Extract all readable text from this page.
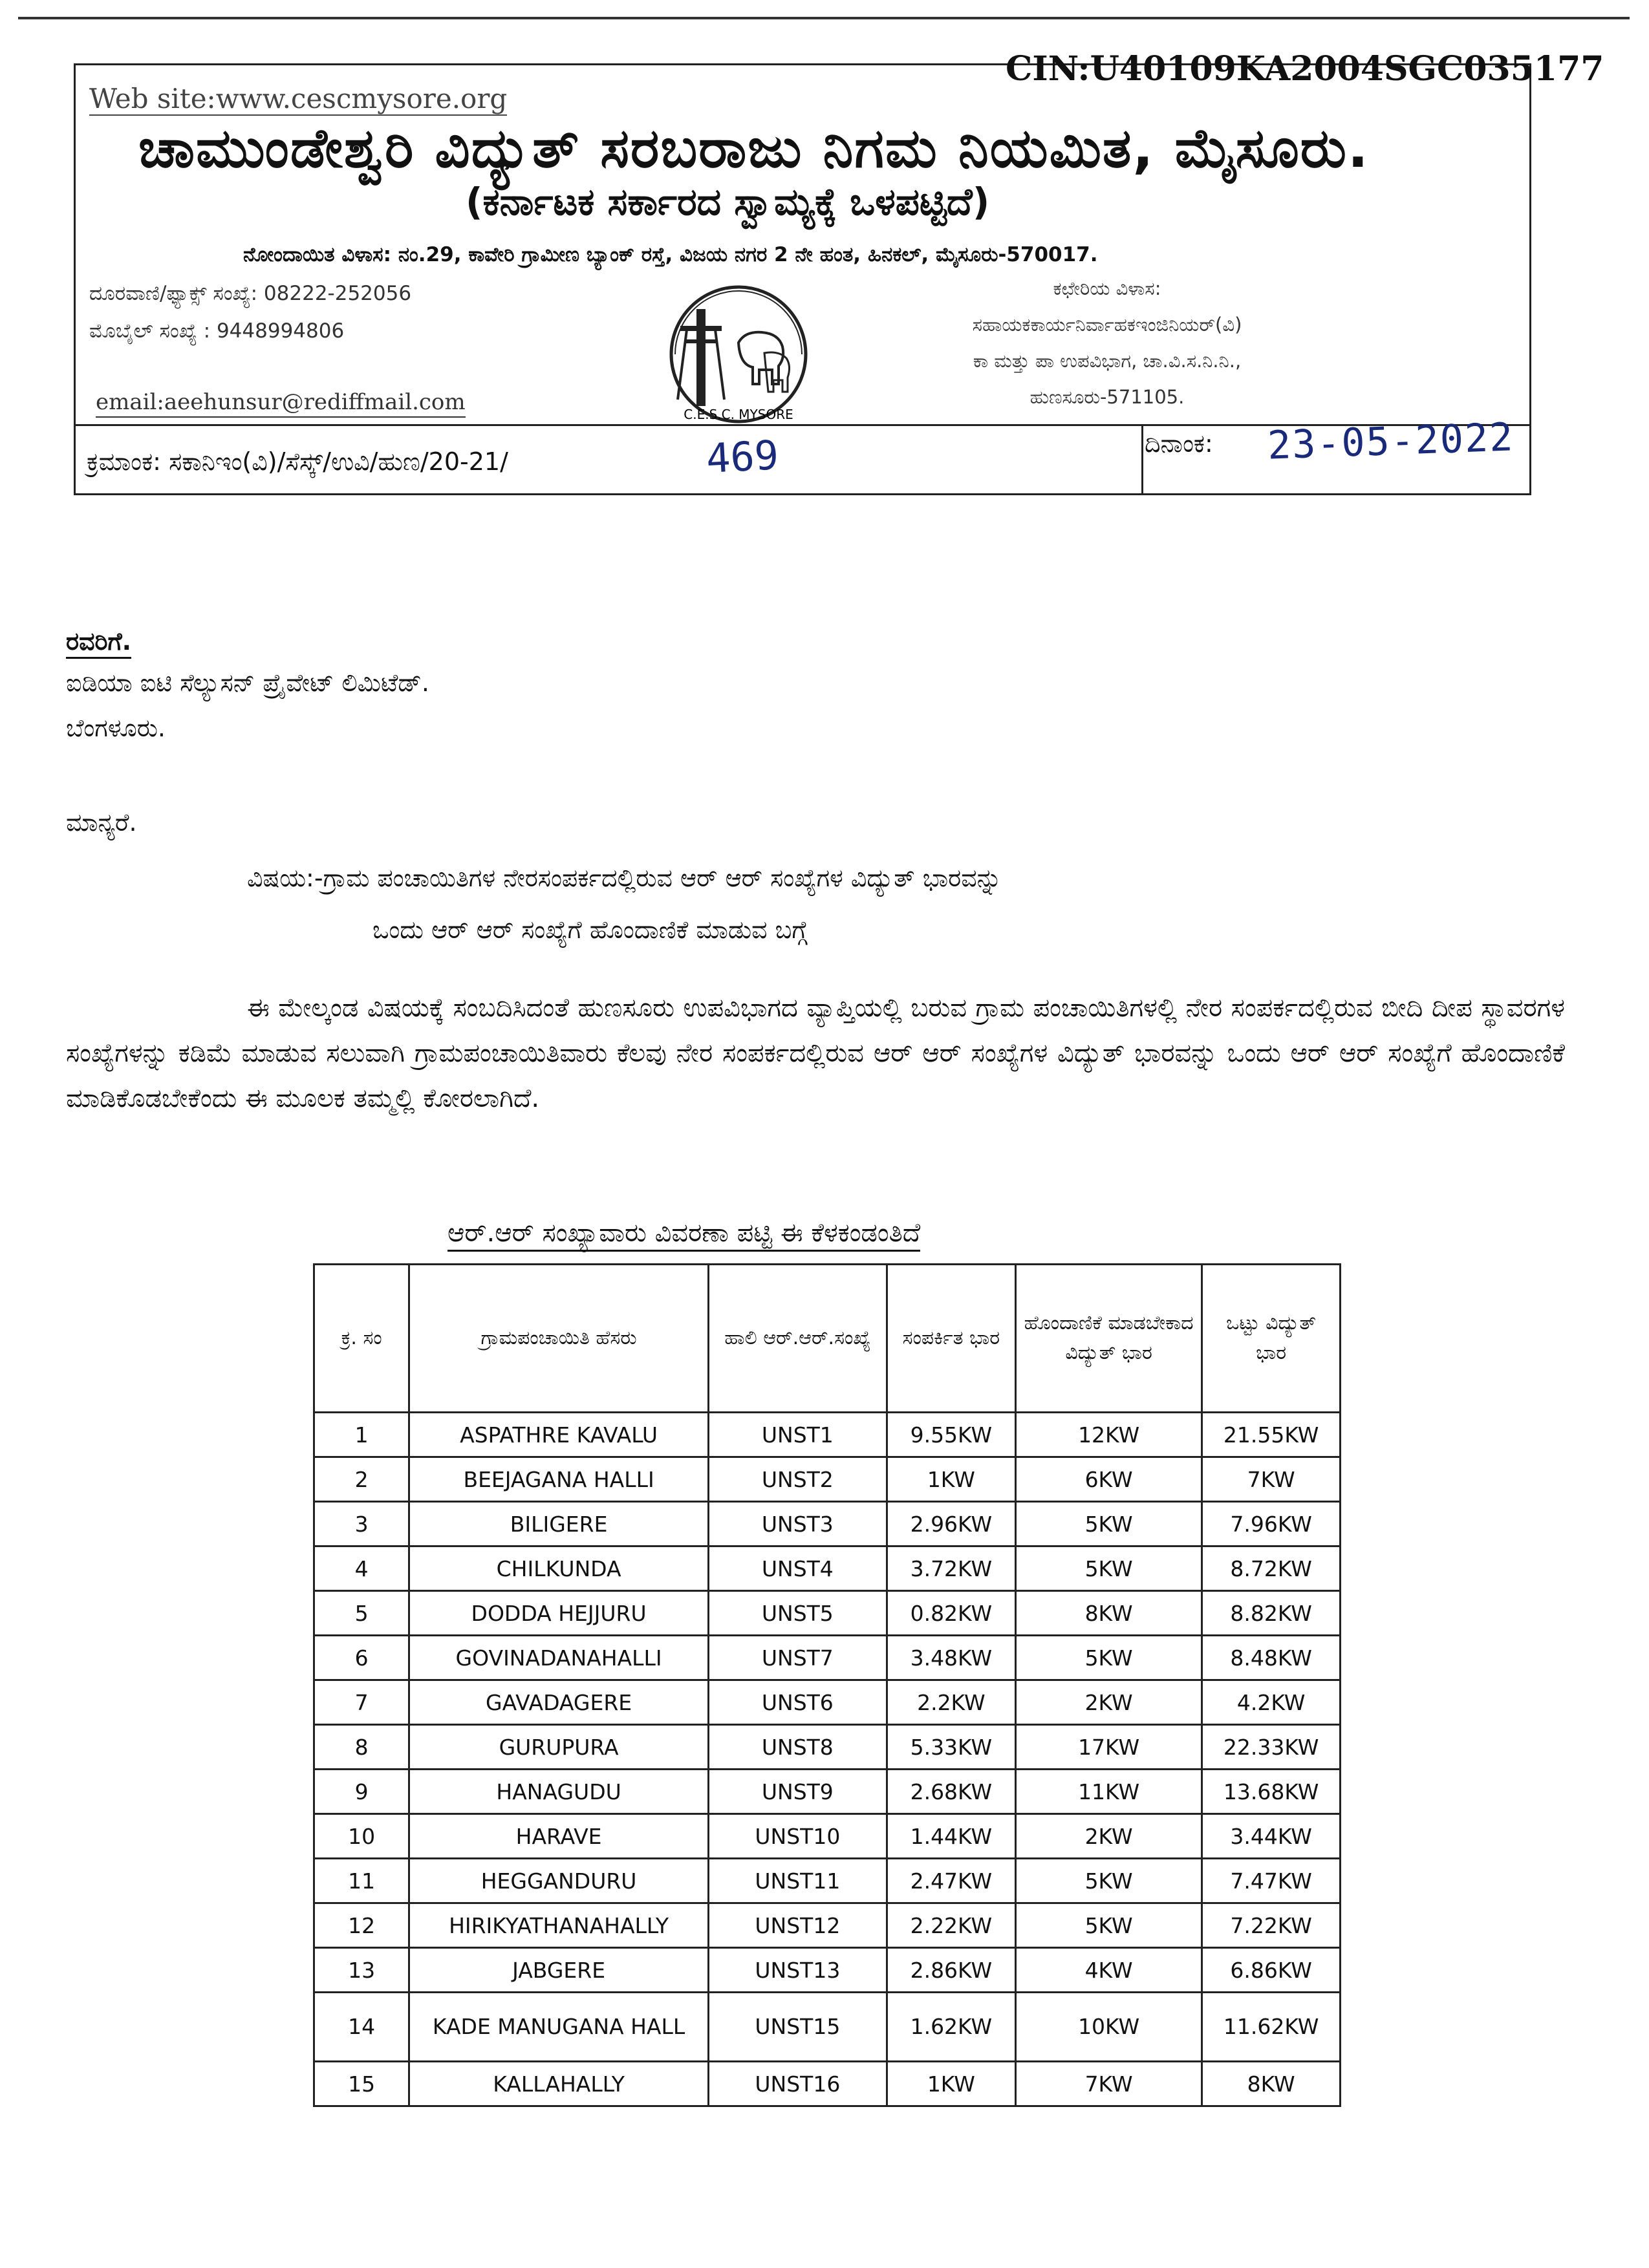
CIN:U40109KA2004SGC035177
Web site:www.cescmysore.org
ಚಾಮುಂಡೇಶ್ವರಿ ವಿದ್ಯುತ್ ಸರಬರಾಜು ನಿಗಮ ನಿಯಮಿತ, ಮೈಸೂರು.
(ಕರ್ನಾಟಕ ಸರ್ಕಾರದ ಸ್ವಾಮ್ಯಕ್ಕೆ ಒಳಪಟ್ಟಿದೆ)
ನೋಂದಾಯಿತ ವಿಳಾಸ: ನಂ.29, ಕಾವೇರಿ ಗ್ರಾಮೀಣ ಬ್ಯಾಂಕ್ ರಸ್ತೆ, ವಿಜಯ ನಗರ 2 ನೇ ಹಂತ, ಹಿನಕಲ್, ಮೈಸೂರು-570017.
ದೂರವಾಣಿ/ಫ್ಯಾಕ್ಸ್ ಸಂಖ್ಯೆ: 08222-252056
ಮೊಬೈಲ್ ಸಂಖ್ಯೆ : 9448994806
email:aeehunsur@rediffmail.com
ಕಛೇರಿಯ ವಿಳಾಸ:
ಸಹಾಯಕಕಾರ್ಯನಿರ್ವಾಹಕಇಂಜಿನಿಯರ್(ವಿ)
ಕಾ ಮತ್ತು ಪಾ ಉಪವಿಭಾಗ, ಚಾ.ವಿ.ಸ.ನಿ.ನಿ.,
ಹುಣಸೂರು-571105.
C.E.S.C. MYSORE
ಕ್ರಮಾಂಕ: ಸಕಾನಿಇಂ(ವಿ)/ಸೆಸ್ಕ್/ಉವಿ/ಹುಣ/20-21/	469	ದಿನಾಂಕ: 23-05-2022
ರವರಿಗೆ.
ಐಡಿಯಾ ಐಟಿ ಸೆಲ್ಯುಸನ್ ಪ್ರೈವೇಟ್ ಲಿಮಿಟೆಡ್.
ಬೆಂಗಳೂರು.
ಮಾನ್ಯರೆ.
ವಿಷಯ:-ಗ್ರಾಮ ಪಂಚಾಯಿತಿಗಳ ನೇರಸಂಪರ್ಕದಲ್ಲಿರುವ ಆರ್ ಆರ್ ಸಂಖ್ಯೆಗಳ ವಿದ್ಯುತ್ ಭಾರವನ್ನು
ಒಂದು ಆರ್ ಆರ್ ಸಂಖ್ಯೆಗೆ ಹೊಂದಾಣಿಕೆ ಮಾಡುವ ಬಗ್ಗೆ
ಈ ಮೇಲ್ಕಂಡ ವಿಷಯಕ್ಕೆ ಸಂಬದಿಸಿದಂತೆ ಹುಣಸೂರು ಉಪವಿಭಾಗದ ವ್ಯಾಪ್ತಿಯಲ್ಲಿ ಬರುವ ಗ್ರಾಮ ಪಂಚಾಯಿತಿಗಳಲ್ಲಿ ನೇರ ಸಂಪರ್ಕದಲ್ಲಿರುವ ಬೀದಿ ದೀಪ ಸ್ಥಾವರಗಳ ಸಂಖ್ಯೆಗಳನ್ನು ಕಡಿಮೆ ಮಾಡುವ ಸಲುವಾಗಿ ಗ್ರಾಮಪಂಚಾಯಿತಿವಾರು ಕೆಲವು ನೇರ ಸಂಪರ್ಕದಲ್ಲಿರುವ ಆರ್ ಆರ್ ಸಂಖ್ಯೆಗಳ ವಿದ್ಯುತ್ ಭಾರವನ್ನು ಒಂದು ಆರ್ ಆರ್ ಸಂಖ್ಯೆಗೆ ಹೊಂದಾಣಿಕೆ ಮಾಡಿಕೊಡಬೇಕೆಂದು ಈ ಮೂಲಕ ತಮ್ಮಲ್ಲಿ ಕೋರಲಾಗಿದೆ.
ಆರ್.ಆರ್ ಸಂಖ್ಯಾವಾರು ವಿವರಣಾ ಪಟ್ಟಿ ಈ ಕೆಳಕಂಡಂತಿದೆ
ಕ್ರ. ಸಂ	ಗ್ರಾಮಪಂಚಾಯಿತಿ ಹೆಸರು	ಹಾಲಿ ಆರ್.ಆರ್.ಸಂಖ್ಯೆ	ಸಂಪರ್ಕಿತ ಭಾರ	ಹೊಂದಾಣಿಕೆ ಮಾಡಬೇಕಾದ ವಿದ್ಯುತ್ ಭಾರ	ಒಟ್ಟು ವಿದ್ಯುತ್ ಭಾರ
1	ASPATHRE KAVALU	UNST1	9.55KW	12KW	21.55KW
2	BEEJAGANA HALLI	UNST2	1KW	6KW	7KW
3	BILIGERE	UNST3	2.96KW	5KW	7.96KW
4	CHILKUNDA	UNST4	3.72KW	5KW	8.72KW
5	DODDA HEJJURU	UNST5	0.82KW	8KW	8.82KW
6	GOVINADANAHALLI	UNST7	3.48KW	5KW	8.48KW
7	GAVADAGERE	UNST6	2.2KW	2KW	4.2KW
8	GURUPURA	UNST8	5.33KW	17KW	22.33KW
9	HANAGUDU	UNST9	2.68KW	11KW	13.68KW
10	HARAVE	UNST10	1.44KW	2KW	3.44KW
11	HEGGANDURU	UNST11	2.47KW	5KW	7.47KW
12	HIRIKYATHANAHALLY	UNST12	2.22KW	5KW	7.22KW
13	JABGERE	UNST13	2.86KW	4KW	6.86KW
14	KADE MANUGANA HALL	UNST15	1.62KW	10KW	11.62KW
15	KALLAHALLY	UNST16	1KW	7KW	8KW
